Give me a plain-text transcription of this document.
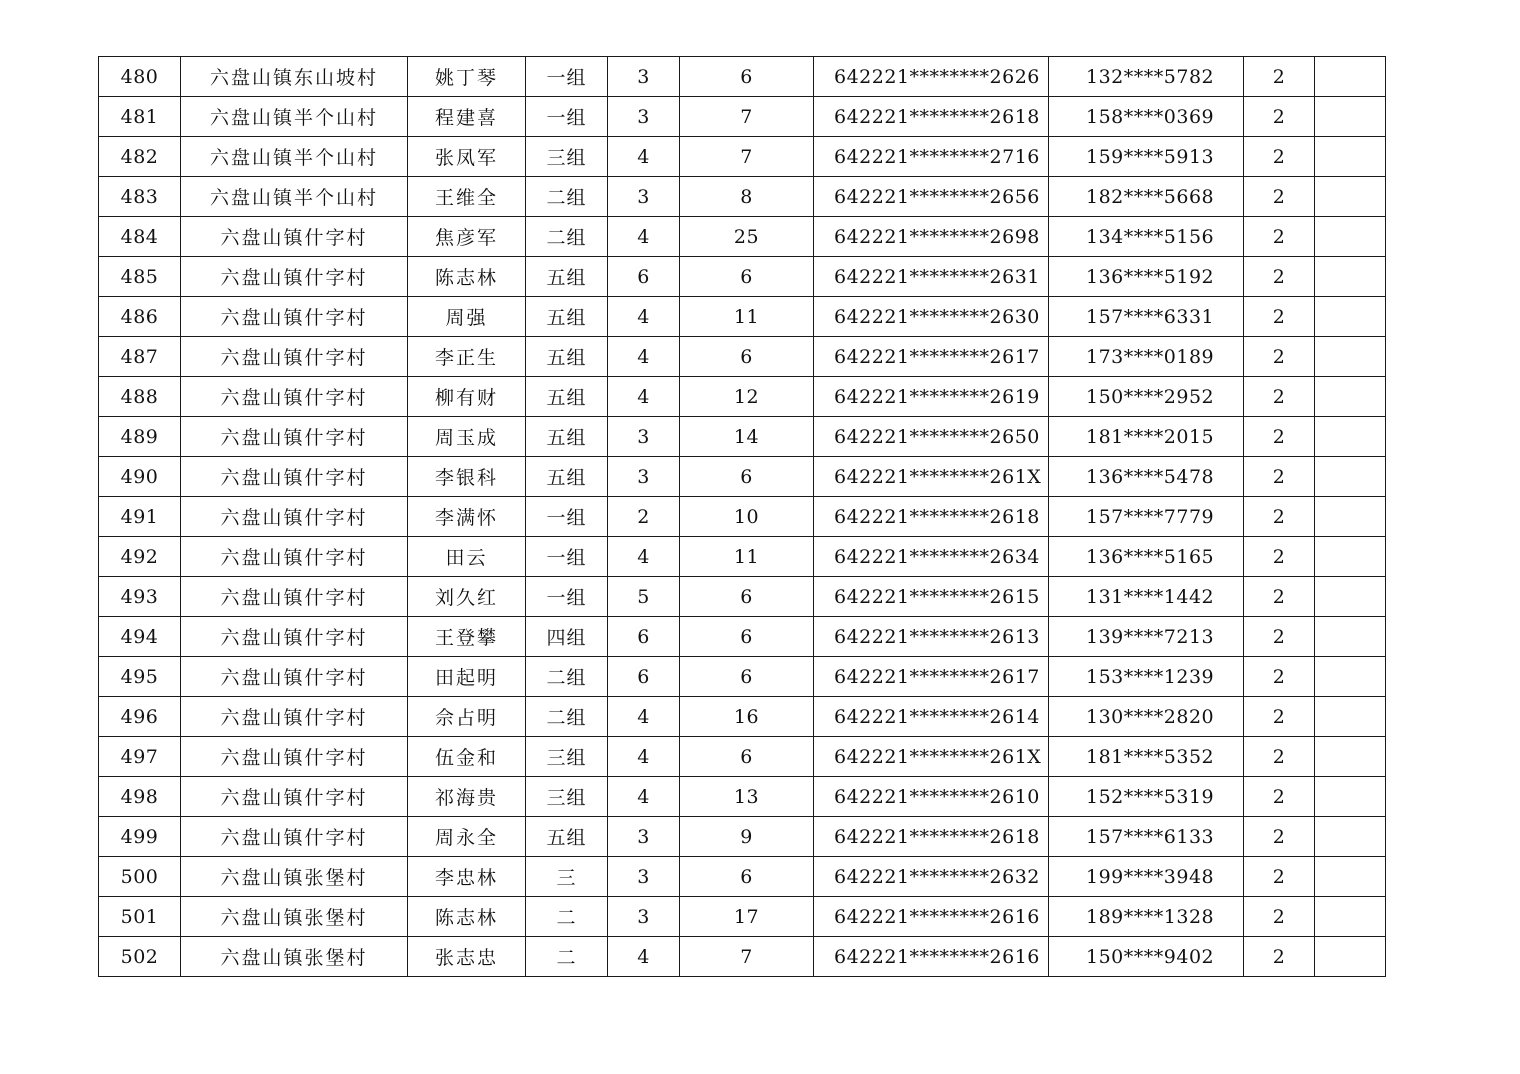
480	六盘山镇东山坡村	姚丁琴	一组	3	6	642221********2626	132****5782	2	
481	六盘山镇半个山村	程建喜	一组	3	7	642221********2618	158****0369	2	
482	六盘山镇半个山村	张凤军	三组	4	7	642221********2716	159****5913	2	
483	六盘山镇半个山村	王维全	二组	3	8	642221********2656	182****5668	2	
484	六盘山镇什字村	焦彦军	二组	4	25	642221********2698	134****5156	2	
485	六盘山镇什字村	陈志林	五组	6	6	642221********2631	136****5192	2	
486	六盘山镇什字村	周强	五组	4	11	642221********2630	157****6331	2	
487	六盘山镇什字村	李正生	五组	4	6	642221********2617	173****0189	2	
488	六盘山镇什字村	柳有财	五组	4	12	642221********2619	150****2952	2	
489	六盘山镇什字村	周玉成	五组	3	14	642221********2650	181****2015	2	
490	六盘山镇什字村	李银科	五组	3	6	642221********261X	136****5478	2	
491	六盘山镇什字村	李满怀	一组	2	10	642221********2618	157****7779	2	
492	六盘山镇什字村	田云	一组	4	11	642221********2634	136****5165	2	
493	六盘山镇什字村	刘久红	一组	5	6	642221********2615	131****1442	2	
494	六盘山镇什字村	王登攀	四组	6	6	642221********2613	139****7213	2	
495	六盘山镇什字村	田起明	二组	6	6	642221********2617	153****1239	2	
496	六盘山镇什字村	佘占明	二组	4	16	642221********2614	130****2820	2	
497	六盘山镇什字村	伍金和	三组	4	6	642221********261X	181****5352	2	
498	六盘山镇什字村	祁海贵	三组	4	13	642221********2610	152****5319	2	
499	六盘山镇什字村	周永全	五组	3	9	642221********2618	157****6133	2	
500	六盘山镇张堡村	李忠林	三	3	6	642221********2632	199****3948	2	
501	六盘山镇张堡村	陈志林	二	3	17	642221********2616	189****1328	2	
502	六盘山镇张堡村	张志忠	二	4	7	642221********2616	150****9402	2	
